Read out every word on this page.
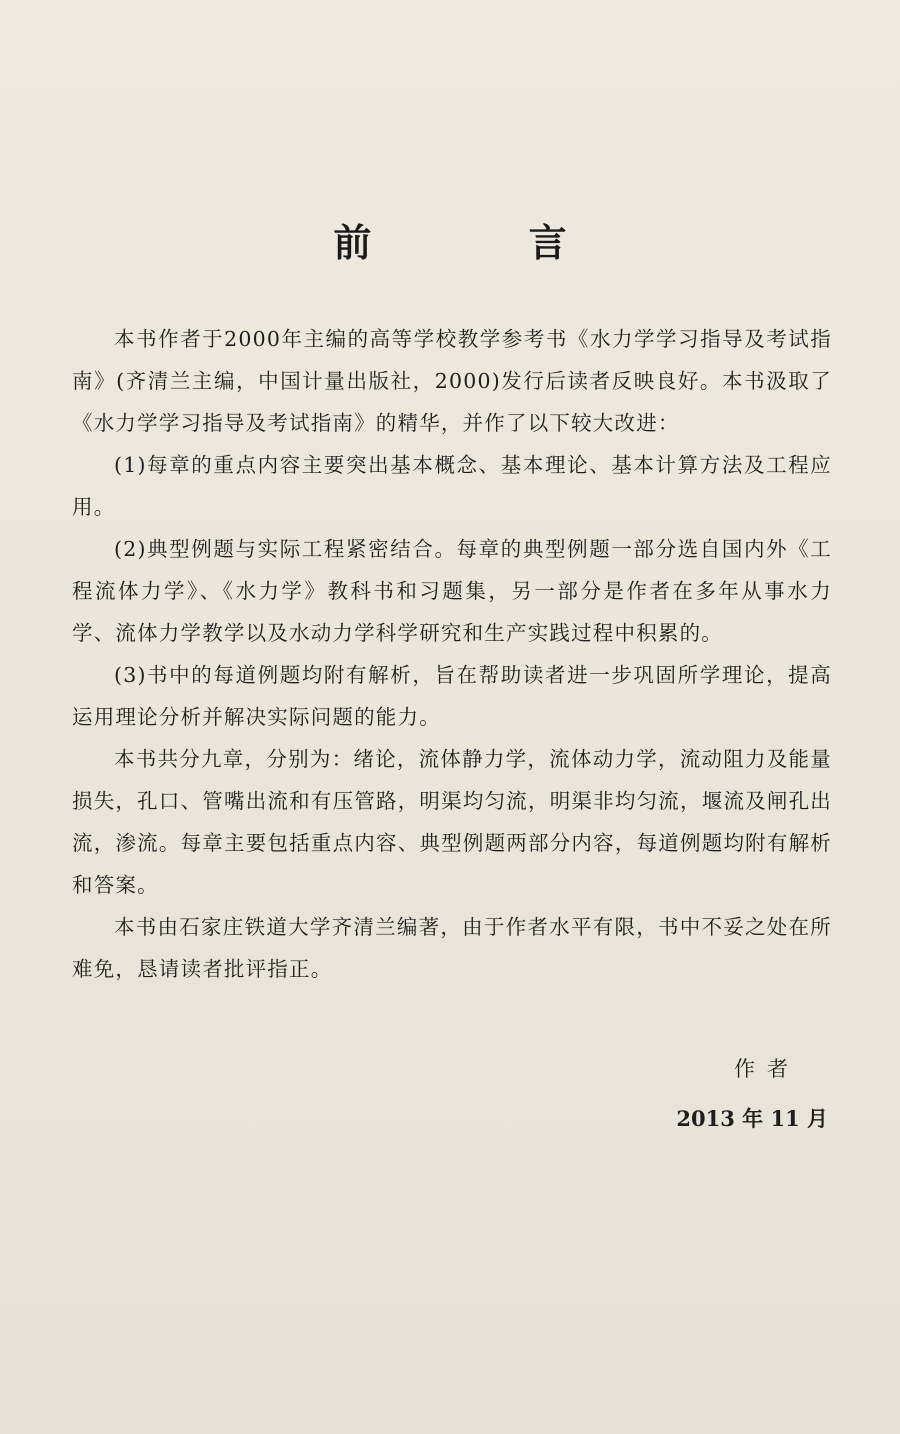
前 言

本书作者于2000年主编的高等学校教学参考书《水力学学习指导及考试指南》(齐清兰主编，中国计量出版社，2000)发行后读者反映良好。本书汲取了《水力学学习指导及考试指南》的精华，并作了以下较大改进：

(1)每章的重点内容主要突出基本概念、基本理论、基本计算方法及工程应用。

(2)典型例题与实际工程紧密结合。每章的典型例题一部分选自国内外《工程流体力学》、《水力学》教科书和习题集，另一部分是作者在多年从事水力学、流体力学教学以及水动力学科学研究和生产实践过程中积累的。

(3)书中的每道例题均附有解析，旨在帮助读者进一步巩固所学理论，提高运用理论分析并解决实际问题的能力。

本书共分九章，分别为：绪论，流体静力学，流体动力学，流动阻力及能量损失，孔口、管嘴出流和有压管路，明渠均匀流，明渠非均匀流，堰流及闸孔出流，渗流。每章主要包括重点内容、典型例题两部分内容，每道例题均附有解析和答案。

本书由石家庄铁道大学齐清兰编著，由于作者水平有限，书中不妥之处在所难免，恳请读者批评指正。

作者
2013 年 11 月
